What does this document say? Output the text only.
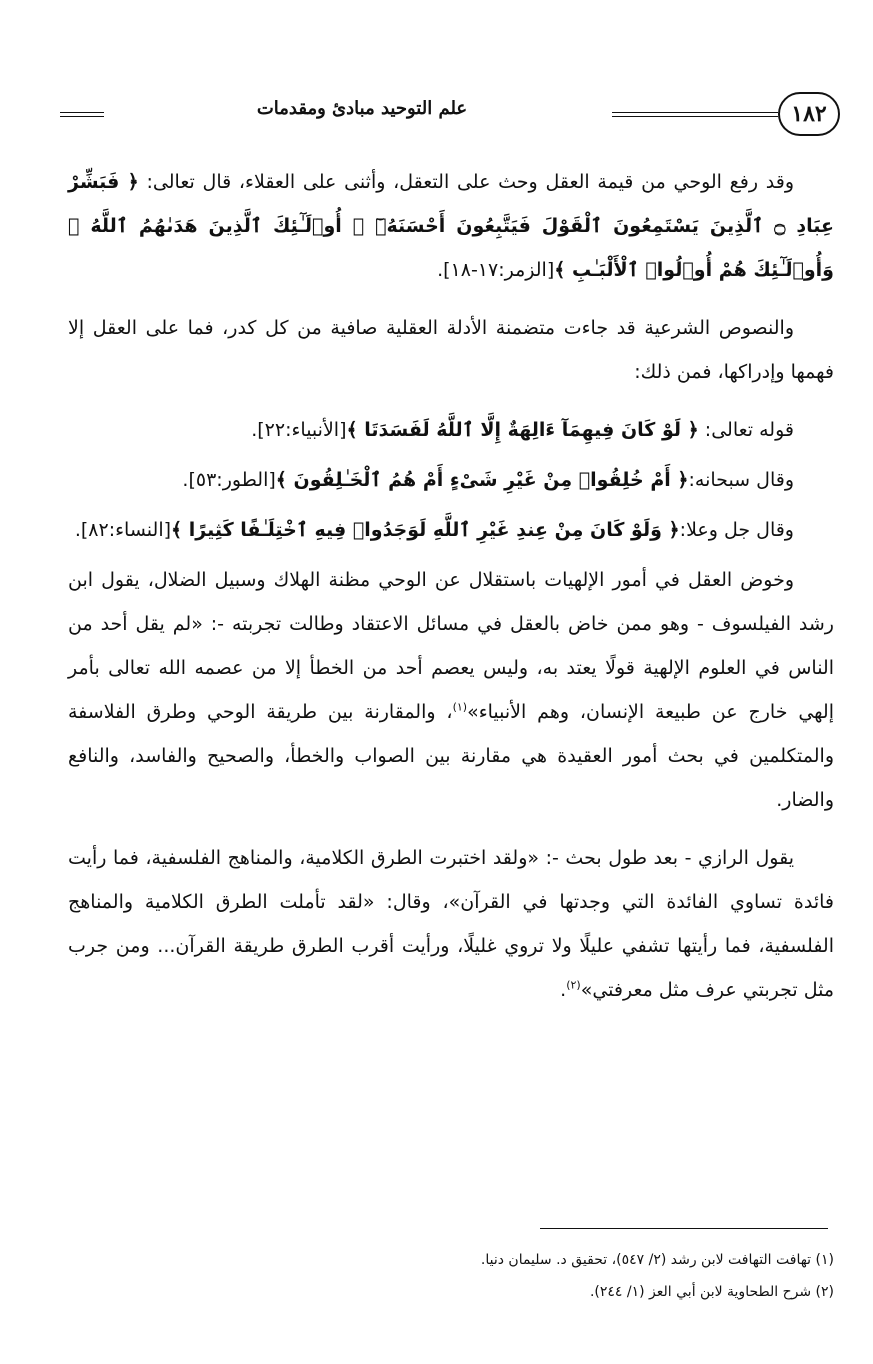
علم التوحيد مبادئ ومقدمات	١٨٢

وقد رفع الوحي من قيمة العقل وحث على التعقل، وأثنى على العقلاء، قال تعالى: ﴿ فَبَشِّرْ عِبَادِ ۝ ٱلَّذِينَ يَسْتَمِعُونَ ٱلْقَوْلَ فَيَتَّبِعُونَ أَحْسَنَهُۥٓ ۚ أُو۟لَـٰٓئِكَ ٱلَّذِينَ هَدَىٰهُمُ ٱللَّهُ ۖ وَأُو۟لَـٰٓئِكَ هُمْ أُو۟لُوا۟ ٱلْأَلْبَـٰبِ ﴾[الزمر:١٧-١٨].

والنصوص الشرعية قد جاءت متضمنة الأدلة العقلية صافية من كل كدر، فما على العقل إلا فهمها وإدراكها، فمن ذلك:

قوله تعالى: ﴿ لَوْ كَانَ فِيهِمَآ ءَالِهَةٌ إِلَّا ٱللَّهُ لَفَسَدَتَا ﴾[الأنبياء:٢٢].

وقال سبحانه:﴿ أَمْ خُلِقُوا۟ مِنْ غَيْرِ شَىْءٍ أَمْ هُمُ ٱلْخَـٰلِقُونَ ﴾[الطور:٥٣].

وقال جل وعلا:﴿ وَلَوْ كَانَ مِنْ عِندِ غَيْرِ ٱللَّهِ لَوَجَدُوا۟ فِيهِ ٱخْتِلَـٰفًا كَثِيرًا ﴾[النساء:٨٢].

وخوض العقل في أمور الإلهيات باستقلال عن الوحي مظنة الهلاك وسبيل الضلال، يقول ابن رشد الفيلسوف - وهو ممن خاض بالعقل في مسائل الاعتقاد وطالت تجربته -: «لم يقل أحد من الناس في العلوم الإلهية قولًا يعتد به، وليس يعصم أحد من الخطأ إلا من عصمه الله تعالى بأمر إلهي خارج عن طبيعة الإنسان، وهم الأنبياء»$^{(١)}$، والمقارنة بين طريقة الوحي وطرق الفلاسفة والمتكلمين في بحث أمور العقيدة هي مقارنة بين الصواب والخطأ، والصحيح والفاسد، والنافع والضار.

يقول الرازي - بعد طول بحث -: «ولقد اختبرت الطرق الكلامية، والمناهج الفلسفية، فما رأيت فائدة تساوي الفائدة التي وجدتها في القرآن»، وقال: «لقد تأملت الطرق الكلامية والمناهج الفلسفية، فما رأيتها تشفي عليلًا ولا تروي غليلًا، ورأيت أقرب الطرق طريقة القرآن... ومن جرب مثل تجربتي عرف مثل معرفتي»$^{(٢)}$.

(١) تهافت التهافت لابن رشد (٢/ ٥٤٧)، تحقيق د. سليمان دنيا.
(٢) شرح الطحاوية لابن أبي العز (١/ ٢٤٤).
